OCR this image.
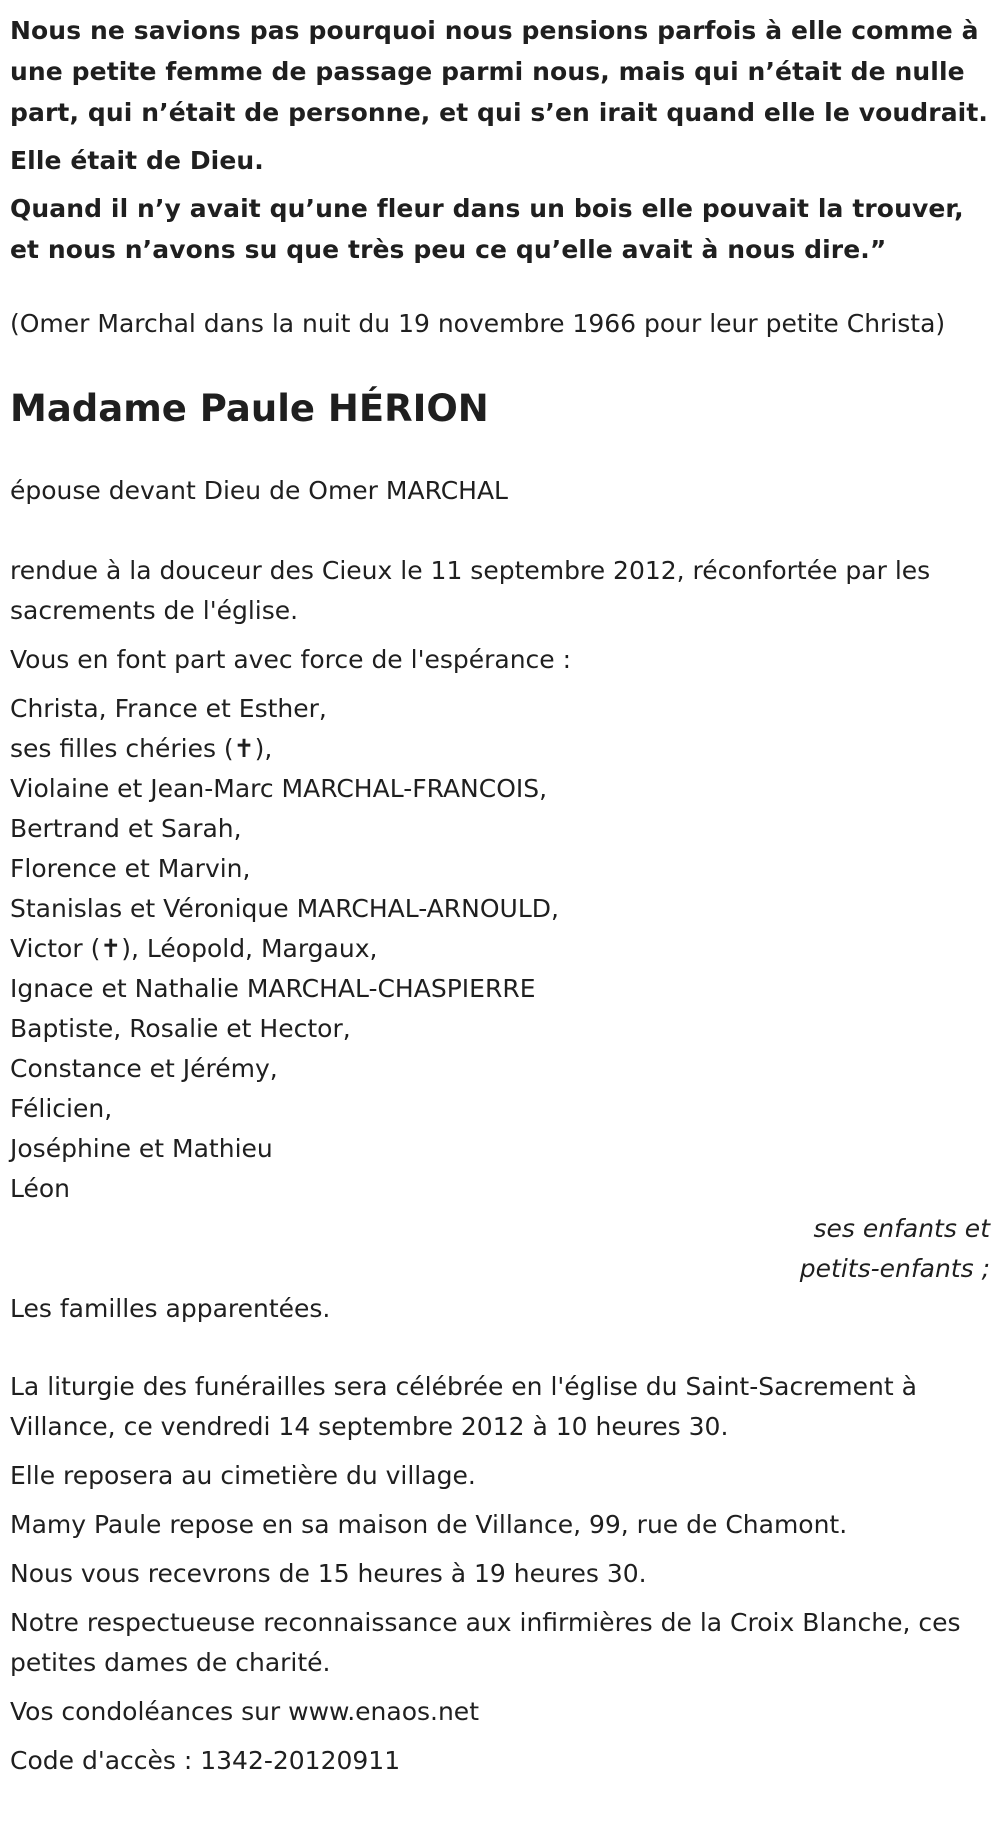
Nous ne savions pas pourquoi nous pensions parfois à elle comme à une petite femme de passage parmi nous, mais qui n’était de nulle part, qui n’était de personne, et qui s’en irait quand elle le voudrait.

Elle était de Dieu.

Quand il n’y avait qu’une fleur dans un bois elle pouvait la trouver, et nous n’avons su que très peu ce qu’elle avait à nous dire.”

(Omer Marchal dans la nuit du 19 novembre 1966 pour leur petite Christa)

Madame Paule HÉRION

épouse devant Dieu de Omer MARCHAL

rendue à la douceur des Cieux le 11 septembre 2012, réconfortée par les sacrements de l'église.

Vous en font part avec force de l'espérance :

Christa, France et Esther,
ses filles chéries (✝),
Violaine et Jean-Marc MARCHAL-FRANCOIS,
Bertrand et Sarah,
Florence et Marvin,
Stanislas et Véronique MARCHAL-ARNOULD,
Victor (✝), Léopold, Margaux,
Ignace et Nathalie MARCHAL-CHASPIERRE
Baptiste, Rosalie et Hector,
Constance et Jérémy,
Félicien,
Joséphine et Mathieu
Léon
ses enfants et
petits-enfants ;

Les familles apparentées.

La liturgie des funérailles sera célébrée en l'église du Saint-Sacrement à Villance, ce vendredi 14 septembre 2012 à 10 heures 30.

Elle reposera au cimetière du village.

Mamy Paule repose en sa maison de Villance, 99, rue de Chamont.

Nous vous recevrons de 15 heures à 19 heures 30.

Notre respectueuse reconnaissance aux infirmières de la Croix Blanche, ces petites dames de charité.

Vos condoléances sur www.enaos.net

Code d'accès : 1342-20120911
